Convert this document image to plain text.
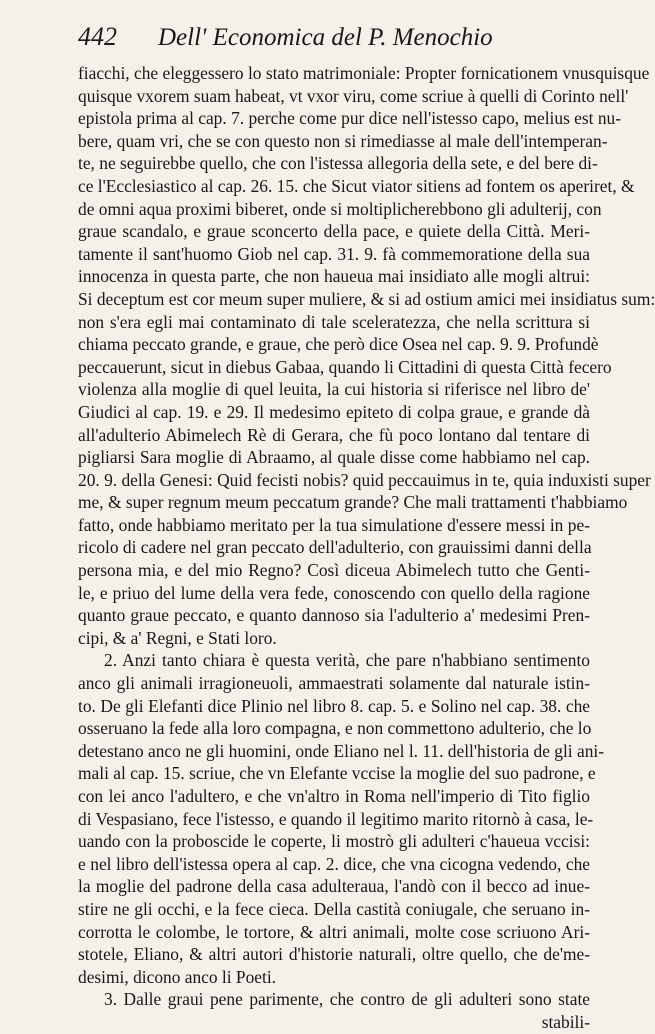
442	Dell' Economica del P. Menochio
fiacchi, che eleggessero lo stato matrimoniale: Propter fornicationem vnusquisque
quisque vxorem suam habeat, vt vxor viru, come scriue à quelli di Corinto nell'
epistola prima al cap. 7. perche come pur dice nell'istesso capo, melius est nu-
bere, quam vri, che se con questo non si rimediasse al male dell'intemperan-
te, ne seguirebbe quello, che con l'istessa allegoria della sete, e del bere di-
ce l'Ecclesiastico al cap. 26. 15. che Sicut viator sitiens ad fontem os aperiret, &
de omni aqua proximi biberet, onde si moltiplicherebbono gli adulterij, con
graue scandalo, e graue sconcerto della pace, e quiete della Città. Meri-
tamente il sant'huomo Giob nel cap. 31. 9. fà commemoratione della sua
innocenza in questa parte, che non haueua mai insidiato alle mogli altrui:
Si deceptum est cor meum super muliere, & si ad ostium amici mei insidiatus sum:
non s'era egli mai contaminato di tale sceleratezza, che nella scrittura si
chiama peccato grande, e graue, che però dice Osea nel cap. 9. 9. Profundè
peccauerunt, sicut in diebus Gabaa, quando li Cittadini di questa Città fecero
violenza alla moglie di quel leuita, la cui historia si riferisce nel libro de'
Giudici al cap. 19. e 29. Il medesimo epiteto di colpa graue, e grande dà
all'adulterio Abimelech Rè di Gerara, che fù poco lontano dal tentare di
pigliarsi Sara moglie di Abraamo, al quale disse come habbiamo nel cap.
20. 9. della Genesi: Quid fecisti nobis? quid peccauimus in te, quia induxisti super
me, & super regnum meum peccatum grande? Che mali trattamenti t'habbiamo
fatto, onde habbiamo meritato per la tua simulatione d'essere messi in pe-
ricolo di cadere nel gran peccato dell'adulterio, con grauissimi danni della
persona mia, e del mio Regno? Così diceua Abimelech tutto che Genti-
le, e priuo del lume della vera fede, conoscendo con quello della ragione
quanto graue peccato, e quanto dannoso sia l'adulterio a' medesimi Pren-
cipi, & a' Regni, e Stati loro.
2. Anzi tanto chiara è questa verità, che pare n'habbiano sentimento
anco gli animali irragioneuoli, ammaestrati solamente dal naturale istin-
to. De gli Elefanti dice Plinio nel libro 8. cap. 5. e Solino nel cap. 38. che
osseruano la fede alla loro compagna, e non commettono adulterio, che lo
detestano anco ne gli huomini, onde Eliano nel l. 11. dell'historia de gli ani-
mali al cap. 15. scriue, che vn Elefante vccise la moglie del suo padrone, e
con lei anco l'adultero, e che vn'altro in Roma nell'imperio di Tito figlio
di Vespasiano, fece l'istesso, e quando il legitimo marito ritornò à casa, le-
uando con la proboscide le coperte, li mostrò gli adulteri c'haueua vccisi:
e nel libro dell'istessa opera al cap. 2. dice, che vna cicogna vedendo, che
la moglie del padrone della casa adulteraua, l'andò con il becco ad inue-
stire ne gli occhi, e la fece cieca. Della castità coniugale, che seruano in-
corrotta le colombe, le tortore, & altri animali, molte cose scriuono Ari-
stotele, Eliano, & altri autori d'historie naturali, oltre quello, che de'me-
desimi, dicono anco li Poeti.
3. Dalle graui pene parimente, che contro de gli adulteri sono state
stabili-
